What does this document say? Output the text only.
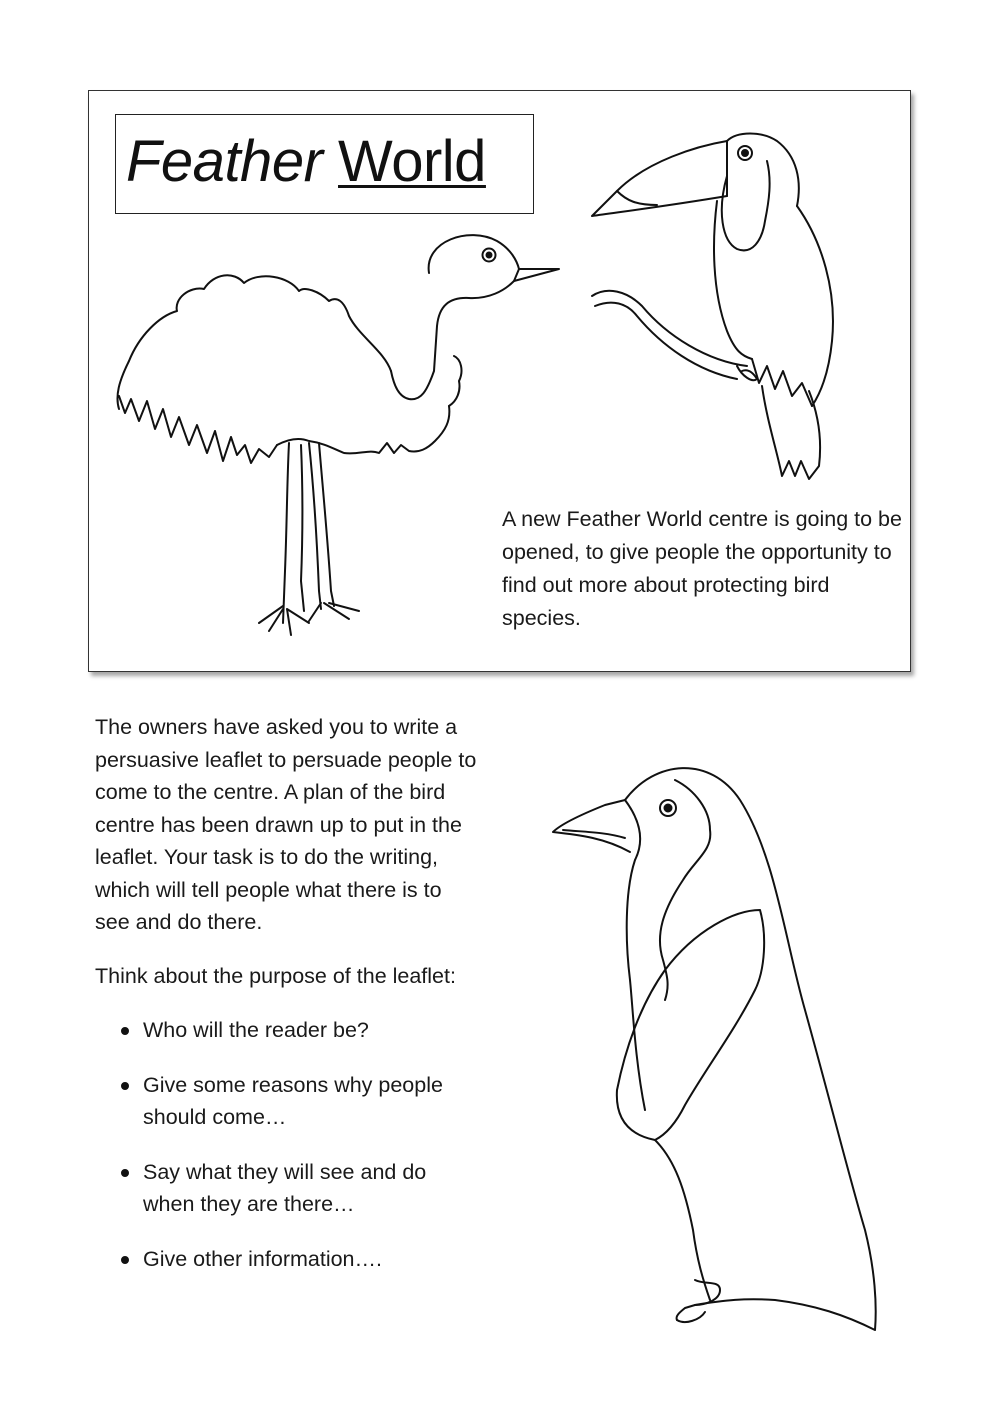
Feather World
A new Feather World centre is going to be opened, to give people the opportunity to find out more about protecting bird species.

The owners have asked you to write a

persuasive leaflet to persuade people to

come to the centre. A plan of the bird

centre has been drawn up to put in the

leaflet. Your task is to do the writing,

which will tell people what there is to

see and do there.

Think about the purpose of the leaflet:
Who will the reader be?
Give some reasons why people
should come…
Say what they will see and do
when they are there…
Give other information….
